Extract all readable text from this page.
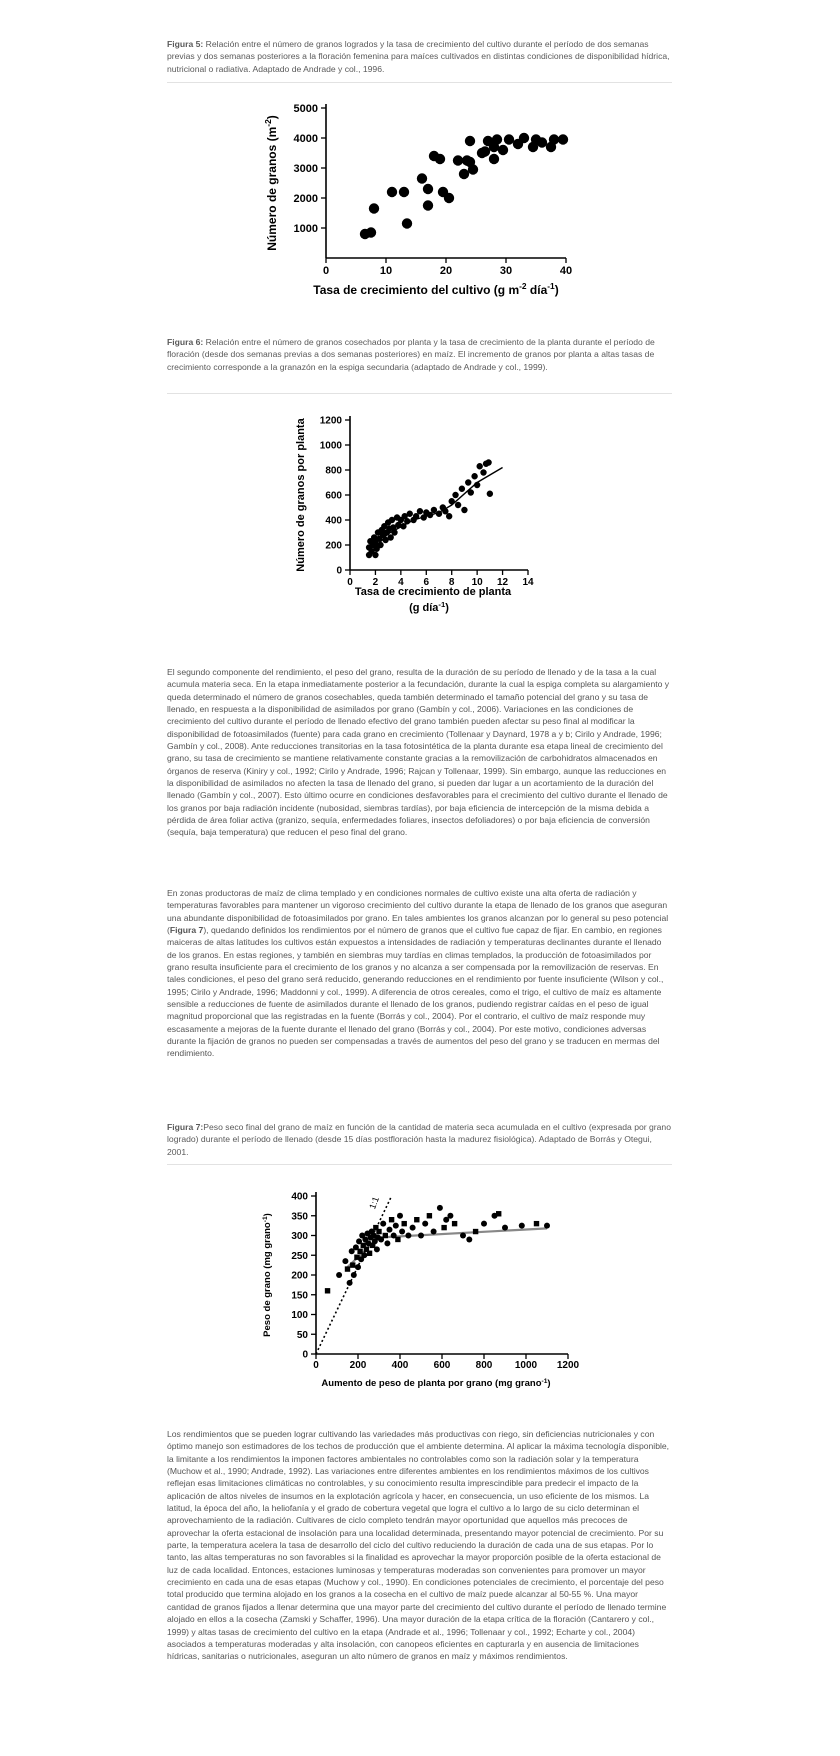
Figura 5: Relación entre el número de granos logrados y la tasa de crecimiento del cultivo durante el período de dos semanas previas y dos semanas posteriores a la floración femenina para maíces cultivados en distintas condiciones de disponibilidad hídrica, nutricional o radiativa. Adaptado de Andrade y col., 1996.

1000
2000
3000
4000
5000
0	10	20	30	40
Tasa de crecimiento del cultivo (g $m^{-2}$ día$^{-1}$)
Número de granos $(m^{-2})$

Figura 6: Relación entre el número de granos cosechados por planta y la tasa de crecimiento de la planta durante el período de floración (desde dos semanas previas a dos semanas posteriores) en maíz. El incremento de granos por planta a altas tasas de crecimiento corresponde a la granazón en la espiga secundaria (adaptado de Andrade y col., 1999).

0
200
400
600
800
1000
1200
0 2 4 6 8 10 12 14
Tasa de crecimiento de planta
(g día$^{-1}$)
Número de granos por planta

El segundo componente del rendimiento, el peso del grano, resulta de la duración de su período de llenado y de la tasa a la cual acumula materia seca. En la etapa inmediatamente posterior a la fecundación, durante la cual la espiga completa su alargamiento y queda determinado el número de granos cosechables, queda también determinado el tamaño potencial del grano y su tasa de llenado, en respuesta a la disponibilidad de asimilados por grano (Gambín y col., 2006). Variaciones en las condiciones de crecimiento del cultivo durante el período de llenado efectivo del grano también pueden afectar su peso final al modificar la disponibilidad de fotoasimilados (fuente) para cada grano en crecimiento (Tollenaar y Daynard, 1978 a y b; Cirilo y Andrade, 1996; Gambín y col., 2008). Ante reducciones transitorias en la tasa fotosintética de la planta durante esa etapa lineal de crecimiento del grano, su tasa de crecimiento se mantiene relativamente constante gracias a la removilización de carbohidratos almacenados en órganos de reserva (Kiniry y col., 1992; Cirilo y Andrade, 1996; Rajcan y Tollenaar, 1999). Sin embargo, aunque las reducciones en la disponibilidad de asimilados no afecten la tasa de llenado del grano, si pueden dar lugar a un acortamiento de la duración del llenado (Gambín y col., 2007). Esto último ocurre en condiciones desfavorables para el crecimiento del cultivo durante el llenado de los granos por baja radiación incidente (nubosidad, siembras tardías), por baja eficiencia de intercepción de la misma debida a pérdida de área foliar activa (granizo, sequía, enfermedades foliares, insectos defoliadores) o por baja eficiencia de conversión (sequía, baja temperatura) que reducen el peso final del grano.

En zonas productoras de maíz de clima templado y en condiciones normales de cultivo existe una alta oferta de radiación y temperaturas favorables para mantener un vigoroso crecimiento del cultivo durante la etapa de llenado de los granos que aseguran una abundante disponibilidad de fotoasimilados por grano. En tales ambientes los granos alcanzan por lo general su peso potencial (Figura 7), quedando definidos los rendimientos por el número de granos que el cultivo fue capaz de fijar. En cambio, en regiones maiceras de altas latitudes los cultivos están expuestos a intensidades de radiación y temperaturas declinantes durante el llenado de los granos. En estas regiones, y también en siembras muy tardías en climas templados, la producción de fotoasimilados por grano resulta insuficiente para el crecimiento de los granos y no alcanza a ser compensada por la removilización de reservas. En tales condiciones, el peso del grano será reducido, generando reducciones en el rendimiento por fuente insuficiente (Wilson y col., 1995; Cirilo y Andrade, 1996; Maddonni y col., 1999). A diferencia de otros cereales, como el trigo, el cultivo de maíz es altamente sensible a reducciones de fuente de asimilados durante el llenado de los granos, pudiendo registrar caídas en el peso de igual magnitud proporcional que las registradas en la fuente (Borrás y col., 2004). Por el contrario, el cultivo de maíz responde muy escasamente a mejoras de la fuente durante el llenado del grano (Borrás y col., 2004). Por este motivo, condiciones adversas durante la fijación de granos no pueden ser compensadas a través de aumentos del peso del grano y se traducen en mermas del rendimiento.

Figura 7:Peso seco final del grano de maíz en función de la cantidad de materia seca acumulada en el cultivo (expresada por grano logrado) durante el período de llenado (desde 15 días postfloración hasta la madurez fisiológica). Adaptado de Borrás y Otegui, 2001.

0
50
100
150
200
250
300
350
400
0	200	400	600	800 1000 1200
1:1
Aumento de peso de planta por grano (mg grano$^{-1}$)
Peso de grano (mg grano$^{-1}$)

Los rendimientos que se pueden lograr cultivando las variedades más productivas con riego, sin deficiencias nutricionales y con óptimo manejo son estimadores de los techos de producción que el ambiente determina. Al aplicar la máxima tecnología disponible, la limitante a los rendimientos la imponen factores ambientales no controlables como son la radiación solar y la temperatura (Muchow et al., 1990; Andrade, 1992). Las variaciones entre diferentes ambientes en los rendimientos máximos de los cultivos reflejan esas limitaciones climáticas no controlables, y su conocimiento resulta imprescindible para predecir el impacto de la aplicación de altos niveles de insumos en la explotación agrícola y hacer, en consecuencia, un uso eficiente de los mismos. La latitud, la época del año, la heliofanía y el grado de cobertura vegetal que logra el cultivo a lo largo de su ciclo determinan el aprovechamiento de la radiación. Cultivares de ciclo completo tendrán mayor oportunidad que aquellos más precoces de aprovechar la oferta estacional de insolación para una localidad determinada, presentando mayor potencial de crecimiento. Por su parte, la temperatura acelera la tasa de desarrollo del ciclo del cultivo reduciendo la duración de cada una de sus etapas. Por lo tanto, las altas temperaturas no son favorables si la finalidad es aprovechar la mayor proporción posible de la oferta estacional de luz de cada localidad. Entonces, estaciones luminosas y temperaturas moderadas son convenientes para promover un mayor crecimiento en cada una de esas etapas (Muchow y col., 1990). En condiciones potenciales de crecimiento, el porcentaje del peso total producido que termina alojado en los granos a la cosecha en el cultivo de maíz puede alcanzar al 50-55 %. Una mayor cantidad de granos fijados a llenar determina que una mayor parte del crecimiento del cultivo durante el período de llenado termine alojado en ellos a la cosecha (Zamski y Schaffer, 1996). Una mayor duración de la etapa crítica de la floración (Cantarero y col., 1999) y altas tasas de crecimiento del cultivo en la etapa (Andrade et al., 1996; Tollenaar y col., 1992; Echarte y col., 2004) asociados a temperaturas moderadas y alta insolación, con canopeos eficientes en capturarla y en ausencia de limitaciones hídricas, sanitarias o nutricionales, aseguran un alto número de granos en maíz y máximos rendimientos.
